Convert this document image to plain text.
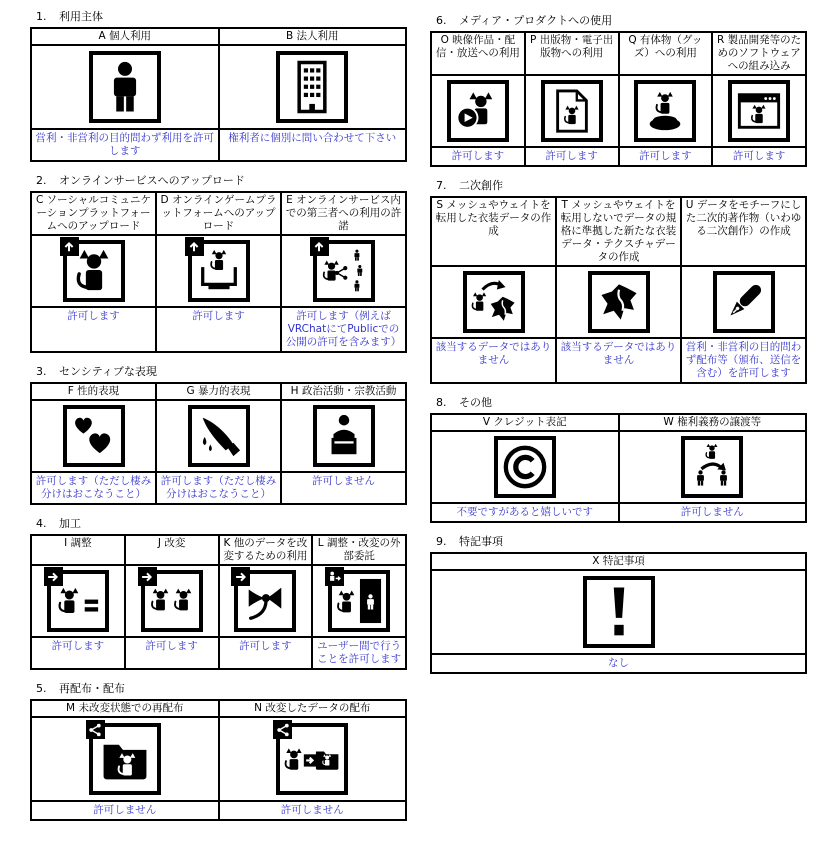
1. 利用主体
A 個人利用	B 法人利用

営利・非営利の目的問わず利用を許可します	権利者に個別に問い合わせて下さい
2. オンラインサービスへのアップロード
C ソーシャルコミュニケーションプラットフォームへのアップロード	D オンラインゲームプラットフォームへのアップロード	E オンラインサービス内での第三者への利用の許諾

許可します	許可します	許可します（例えばVRChatにてPublicでの公開の許可を含みます）
3. センシティブな表現
F 性的表現	G 暴力的表現	H 政治活動・宗教活動

許可します（ただし棲み分けはおこなうこと）	許可します（ただし棲み分けはおこなうこと）	許可しません
4. 加工
I 調整	J 改変	K 他のデータを改変するための利用	L 調整・改変の外部委託

許可します	許可します	許可します	ユーザー間で行うことを許可します
5. 再配布・配布
M 未改変状態での再配布	N 改変したデータの配布

許可しません	許可しません
6. メディア・プロダクトへの使用
O 映像作品・配信・放送への利用	P 出版物・電子出版物への利用	Q 有体物（グッズ）への利用	R 製品開発等のためのソフトウェアへの組み込み

許可します	許可します	許可します	許可します
7. 二次創作
S メッシュやウェイトを転用した衣装データの作成	T メッシュやウェイトを転用しないでデータの規格に準拠した新たな衣装データ・テクスチャデータの作成	U データをモチーフにした二次的著作物（いわゆる二次創作）の作成

該当するデータではありません	該当するデータではありません	営利・非営利の目的問わず配布等（頒布、送信を含む）を許可します
8. その他
V クレジット表記	W 権利義務の譲渡等

不要ですがあると嬉しいです	許可しません
9. 特記事項
X 特記事項

なし
